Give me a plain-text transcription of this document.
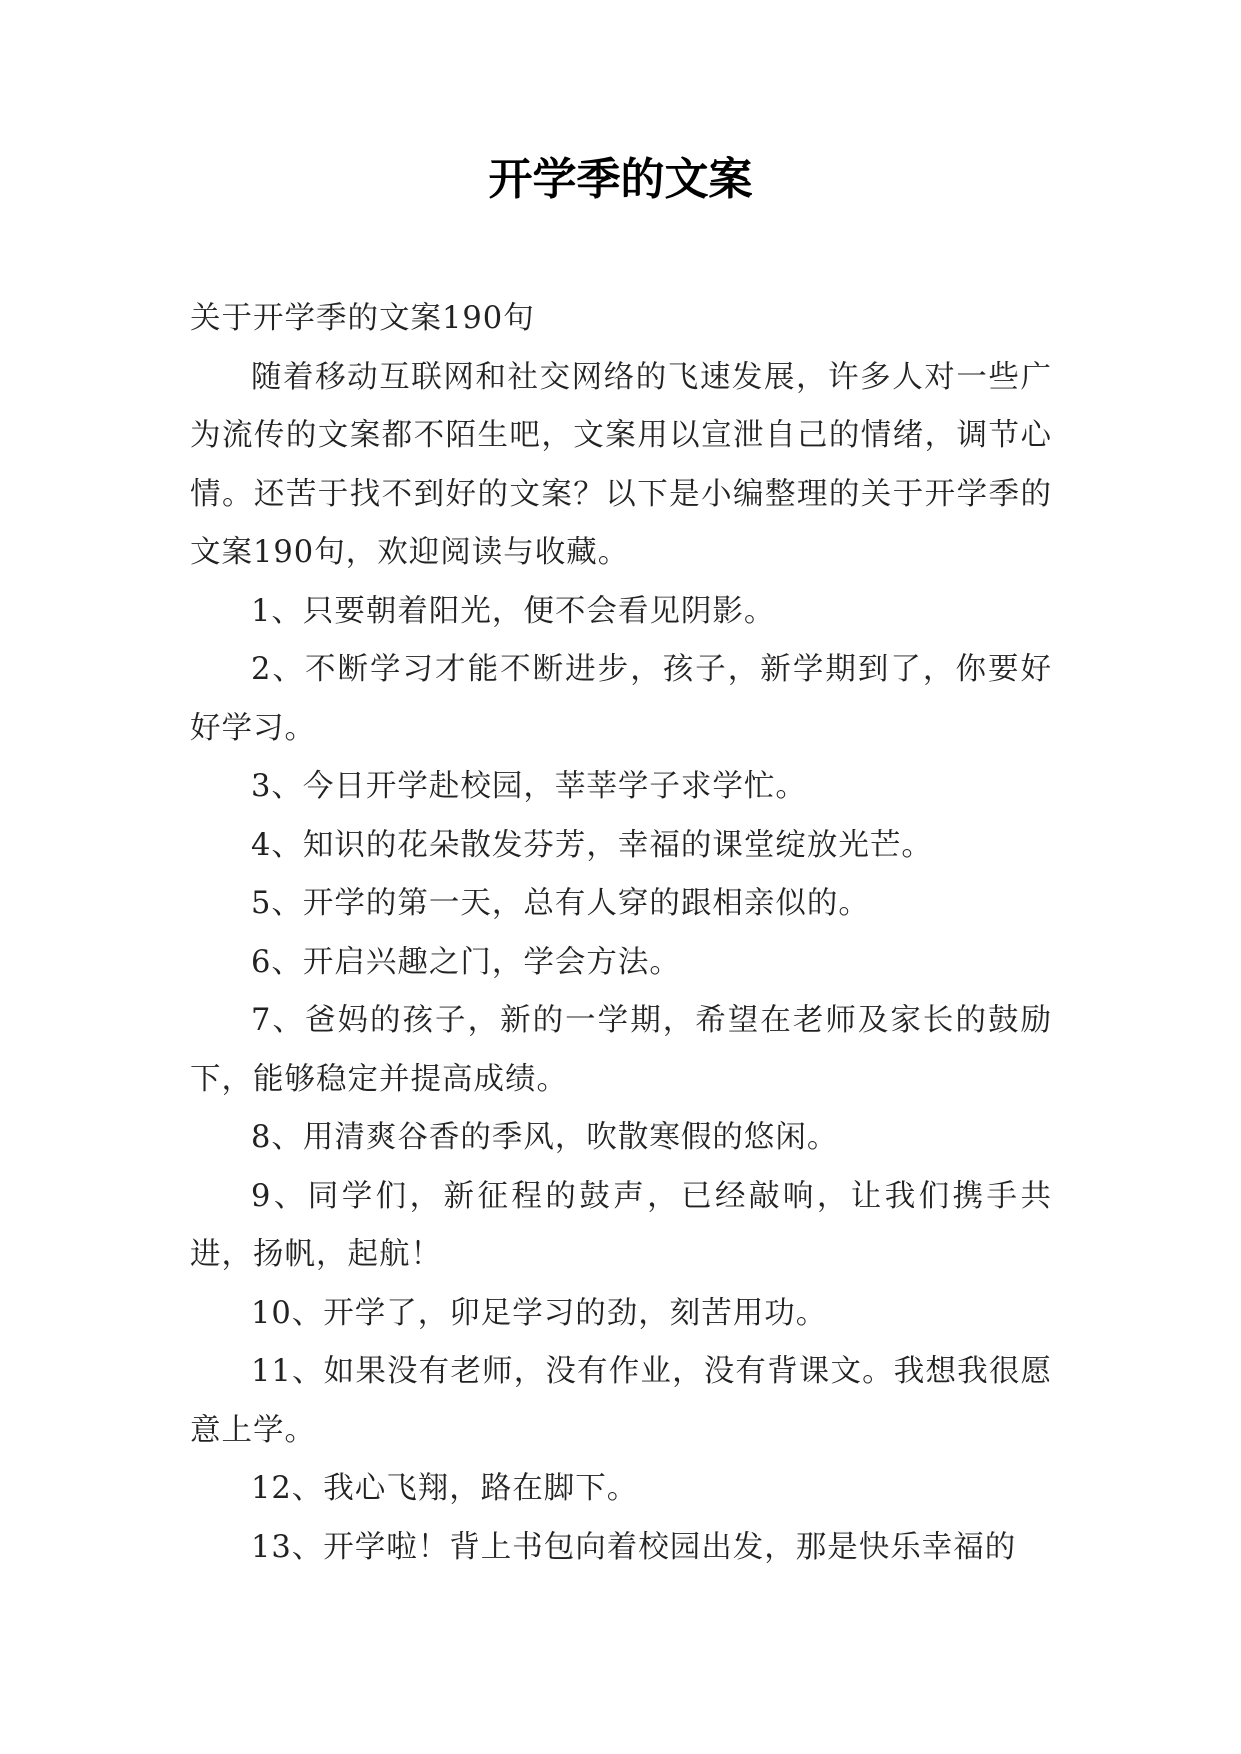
开学季的文案

关于开学季的文案190句

随着移动互联网和社交网络的飞速发展，许多人对一些广为流传的文案都不陌生吧，文案用以宣泄自己的情绪，调节心情。还苦于找不到好的文案？以下是小编整理的关于开学季的文案190句，欢迎阅读与收藏。

1、只要朝着阳光，便不会看见阴影。

2、不断学习才能不断进步，孩子，新学期到了，你要好好学习。

3、今日开学赴校园，莘莘学子求学忙。

4、知识的花朵散发芬芳，幸福的课堂绽放光芒。

5、开学的第一天，总有人穿的跟相亲似的。

6、开启兴趣之门，学会方法。

7、爸妈的孩子，新的一学期，希望在老师及家长的鼓励下，能够稳定并提高成绩。

8、用清爽谷香的季风，吹散寒假的悠闲。

9、同学们，新征程的鼓声，已经敲响，让我们携手共进，扬帆，起航！

10、开学了，卯足学习的劲，刻苦用功。

11、如果没有老师，没有作业，没有背课文。我想我很愿意上学。

12、我心飞翔，路在脚下。

13、开学啦！背上书包向着校园出发，那是快乐幸福的
